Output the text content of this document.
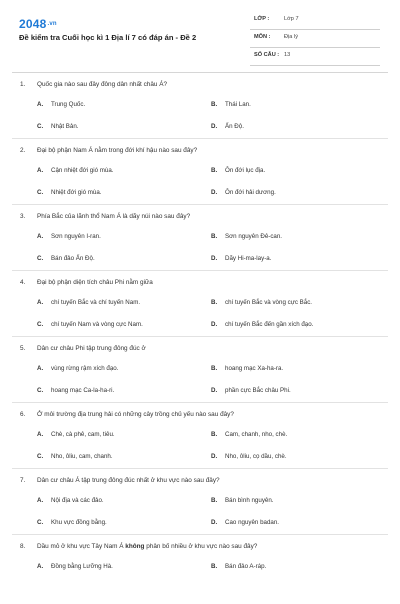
$2048^{.vn}$
Đề kiểm tra Cuối học kì 1 Địa lí 7 có đáp án - Đề 2
LỚP :	Lớp 7
MÔN : Địa lý
SỐ CÂU : 13
1. Quốc gia nào sau đây đông dân nhất châu Á?
A. Trung Quốc.	B. Thái Lan.
C. Nhật Bản.	D. Ấn Độ.
2. Đại bộ phận Nam Á nằm trong đới khí hậu nào sau đây?
A. Cận nhiệt đới gió mùa.	B. Ôn đới lục địa.
C. Nhiệt đới gió mùa.	D. Ôn đới hải dương.
3. Phía Bắc của lãnh thổ Nam Á là dãy núi nào sau đây?
A. Sơn nguyên I-ran.	B. Sơn nguyên Đê-can.
C. Bán đảo Ấn Độ.	D. Dãy Hi-ma-lay-a.
4. Đại bộ phận diện tích châu Phi nằm giữa
A. chí tuyến Bắc và chí tuyến Nam.	B. chí tuyến Bắc và vòng cực Bắc.
C. chí tuyến Nam và vòng cực Nam.	D. chí tuyến Bắc đến gần xích đạo.
5. Dân cư châu Phi tập trung đông đúc ở
A. vùng rừng rậm xích đạo.	B. hoang mạc Xa-ha-ra.
C. hoang mạc Ca-la-ha-ri.	D. phần cực Bắc châu Phi.
6. Ở môi trường địa trung hải có những cây trồng chủ yếu nào sau đây?
A. Chè, cà phê, cam, tiêu.	B. Cam, chanh, nho, chè.
C. Nho, ôliu, cam, chanh.	D. Nho, ôliu, cọ dầu, chè.
7. Dân cư châu Á tập trung đông đúc nhất ở khu vực nào sau đây?
A. Nội địa và các đảo.	B. Bán bình nguyên.
C. Khu vực đồng bằng.	D. Cao nguyên badan.
8. Dầu mỏ ở khu vực Tây Nam Á không phân bố nhiều ở khu vực nào sau đây?
A. Đồng bằng Lưỡng Hà.	B. Bán đảo A-ráp.
